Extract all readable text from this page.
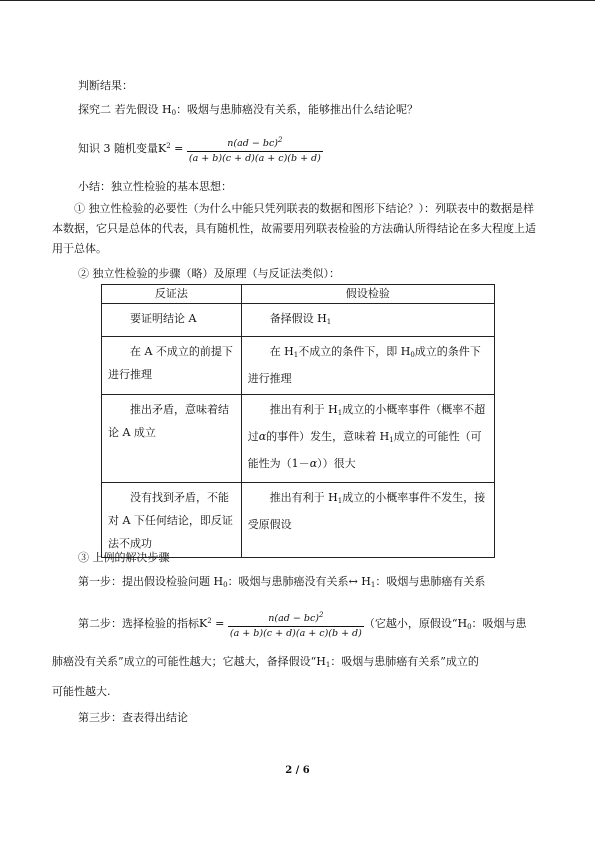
判断结果：
探究二 若先假设 $H_0$：吸烟与患肺癌没有关系，能够推出什么结论呢？
知识 3 随机变量$K^2 = \frac{n(ad - bc)^2}{(a + b)(c + d)(a + c)(b + d)}$
小结：独立性检验的基本思想：
① 独立性检验的必要性（为什么中能只凭列联表的数据和图形下结论？）：列联表中的数据是样本数据，它只是总体的代表，具有随机性，故需要用列联表检验的方法确认所得结论在多大程度上适用于总体。
② 独立性检验的步骤（略）及原理（与反证法类似）：
反证法	假设检验
要证明结论 A	备择假设 $H_1$
在 A 不成立的前提下进行推理	在 $H_1$不成立的条件下，即 $H_0$成立的条件下进行推理
推出矛盾，意味着结论 A 成立	推出有利于 $H_1$成立的小概率事件（概率不超过α的事件）发生，意味着 $H_1$成立的可能性（可能性为（1－α））很大
没有找到矛盾，不能对 A 下任何结论，即反证法不成功	推出有利于 $H_1$成立的小概率事件不发生，接受原假设
③ 上例的解决步骤
第一步：提出假设检验问题 $H_0$：吸烟与患肺癌没有关系↔ $H_1$：吸烟与患肺癌有关系
第二步：选择检验的指标$K^2 = \frac{n(ad - bc)^2}{(a + b)(c + d)(a + c)(b + d)}$ （它越小，原假设“$H_0$：吸烟与患
肺癌没有关系”成立的可能性越大；它越大，备择假设“$H_1$：吸烟与患肺癌有关系”成立的
可能性越大.
第三步：查表得出结论
2 / 6
